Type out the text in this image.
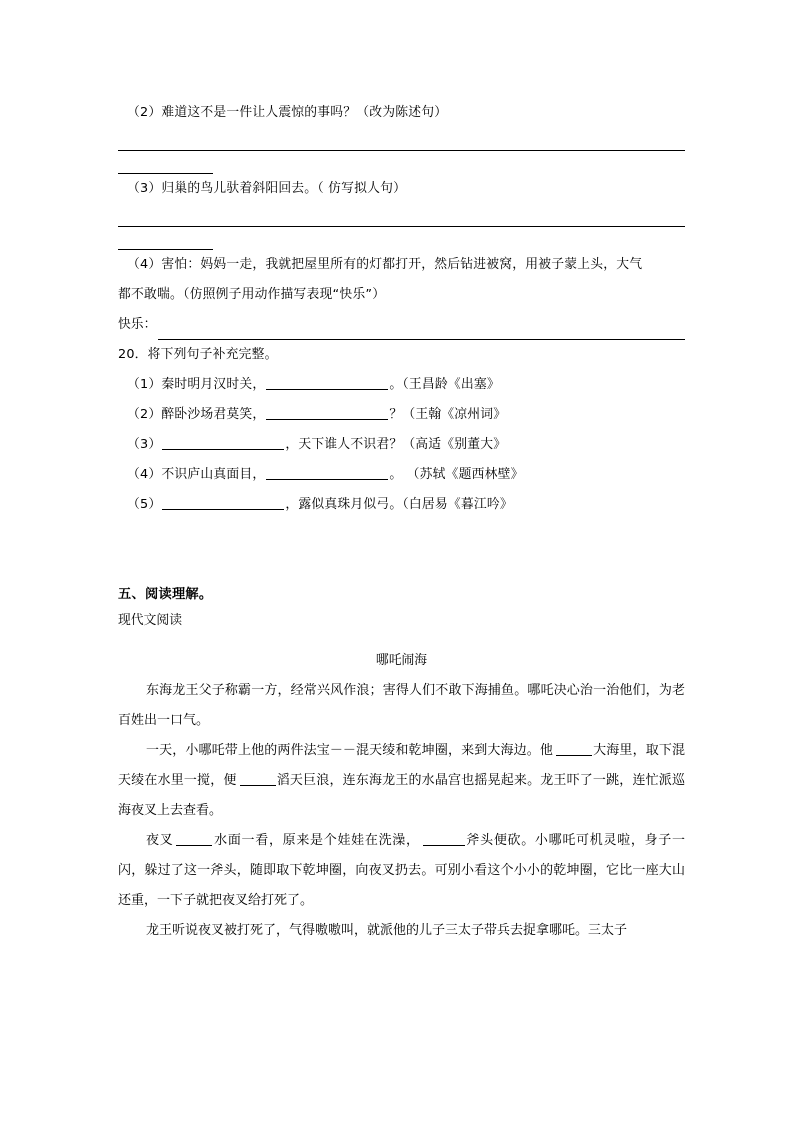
（2）难道这不是一件让人震惊的事吗？（改为陈述句）
（3）归巢的鸟儿驮着斜阳回去。（ 仿写拟人句）
（4）害怕：妈妈一走，我就把屋里所有的灯都打开，然后钻进被窝，用被子蒙上头，大气
都不敢喘。（仿照例子用动作描写表现“快乐”）
快乐：
20．将下列句子补充完整。
（1）秦时明月汉时关，	。（王昌龄《出塞》
（2）醉卧沙场君莫笑，	？（王翰《凉州词》
（3）	，天下谁人不识君？（高适《别董大》
（4）不识庐山真面目，	。 （苏轼《题西林壁》
（5）	，露似真珠月似弓。（白居易《暮江吟》
五、阅读理解。
现代文阅读
哪吒闹海

东海龙王父子称霸一方，经常兴风作浪；害得人们不敢下海捕鱼。哪吒决心治一治他们，为老百姓出一口气。

一天，小哪吒带上他的两件法宝－－混天绫和乾坤圈，来到大海边。他	大海里，取下混天绫在水里一搅，便	滔天巨浪，连东海龙王的水晶宫也摇晃起来。龙王吓了一跳，连忙派巡海夜叉上去查看。

夜叉	水面一看，原来是个娃娃在洗澡，	斧头便砍。小哪吒可机灵啦，身子一闪，躲过了这一斧头，随即取下乾坤圈，向夜叉扔去。可别小看这个小小的乾坤圈，它比一座大山还重，一下子就把夜叉给打死了。

龙王听说夜叉被打死了，气得嗷嗷叫，就派他的儿子三太子带兵去捉拿哪吒。三太子
